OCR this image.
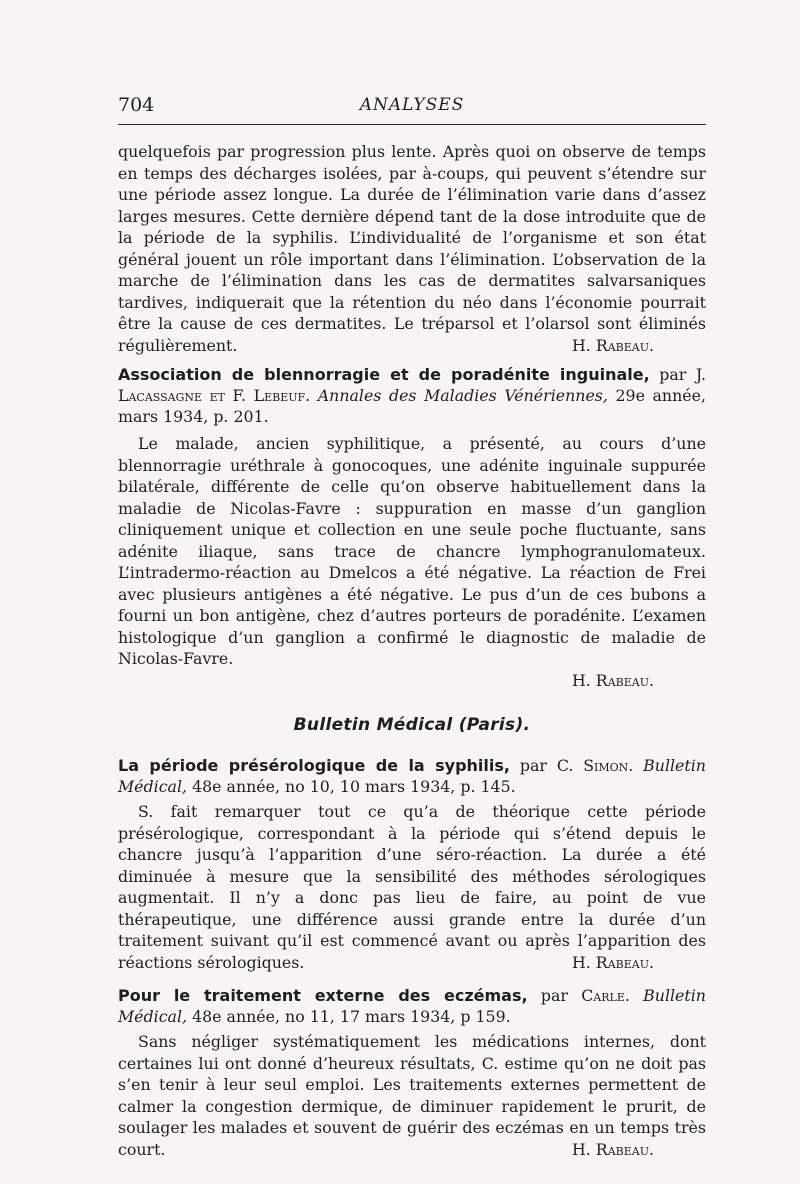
704	ANALYSES

quelquefois par progression plus lente. Après quoi on observe de temps en temps des décharges isolées, par à-coups, qui peuvent s’étendre sur une période assez longue. La durée de l’élimination varie dans d’assez larges mesures. Cette dernière dépend tant de la dose introduite que de la période de la syphilis. L’individualité de l’organisme et son état général jouent un rôle important dans l’élimination. L’observation de la marche de l’élimination dans les cas de dermatites salvarsaniques tardives, indiquerait que la rétention du néo dans l’économie pourrait être la cause de ces dermatites. Le tréparsol et l’olarsol sont éliminés régulièrement.	H. Rabeau.

Association de blennorragie et de poradénite inguinale, par J. Lacassagne et F. Lebeuf. Annales des Maladies Vénériennes, 29e année, mars 1934, p. 201.

Le malade, ancien syphilitique, a présenté, au cours d’une blennorragie uréthrale à gonocoques, une adénite inguinale suppurée bilatérale, différente de celle qu’on observe habituellement dans la maladie de Nicolas-Favre : suppuration en masse d’un ganglion cliniquement unique et collection en une seule poche fluctuante, sans adénite iliaque, sans trace de chancre lymphogranulomateux. L’intradermo-réaction au Dmelcos a été négative. La réaction de Frei avec plusieurs antigènes a été négative. Le pus d’un de ces bubons a fourni un bon antigène, chez d’autres porteurs de poradénite. L’examen histologique d’un ganglion a confirmé le diagnostic de maladie de Nicolas-Favre.

H. Rabeau.
Bulletin Médical (Paris).

La période présérologique de la syphilis, par C. Simon. Bulletin Médical, 48e année, no 10, 10 mars 1934, p. 145.

S. fait remarquer tout ce qu’a de théorique cette période présérologique, correspondant à la période qui s’étend depuis le chancre jusqu’à l’apparition d’une séro-réaction. La durée a été diminuée à mesure que la sensibilité des méthodes sérologiques augmentait. Il n’y a donc pas lieu de faire, au point de vue thérapeutique, une différence aussi grande entre la durée d’un traitement suivant qu’il est commencé avant ou après l’apparition des réactions sérologiques.	H. Rabeau.

Pour le traitement externe des eczémas, par Carle. Bulletin Médical, 48e année, no 11, 17 mars 1934, p 159.

Sans négliger systématiquement les médications internes, dont certaines lui ont donné d’heureux résultats, C. estime qu’on ne doit pas s’en tenir à leur seul emploi. Les traitements externes permettent de calmer la congestion dermique, de diminuer rapidement le prurit, de soulager les malades et souvent de guérir des eczémas en un temps très court.	H. Rabeau.
